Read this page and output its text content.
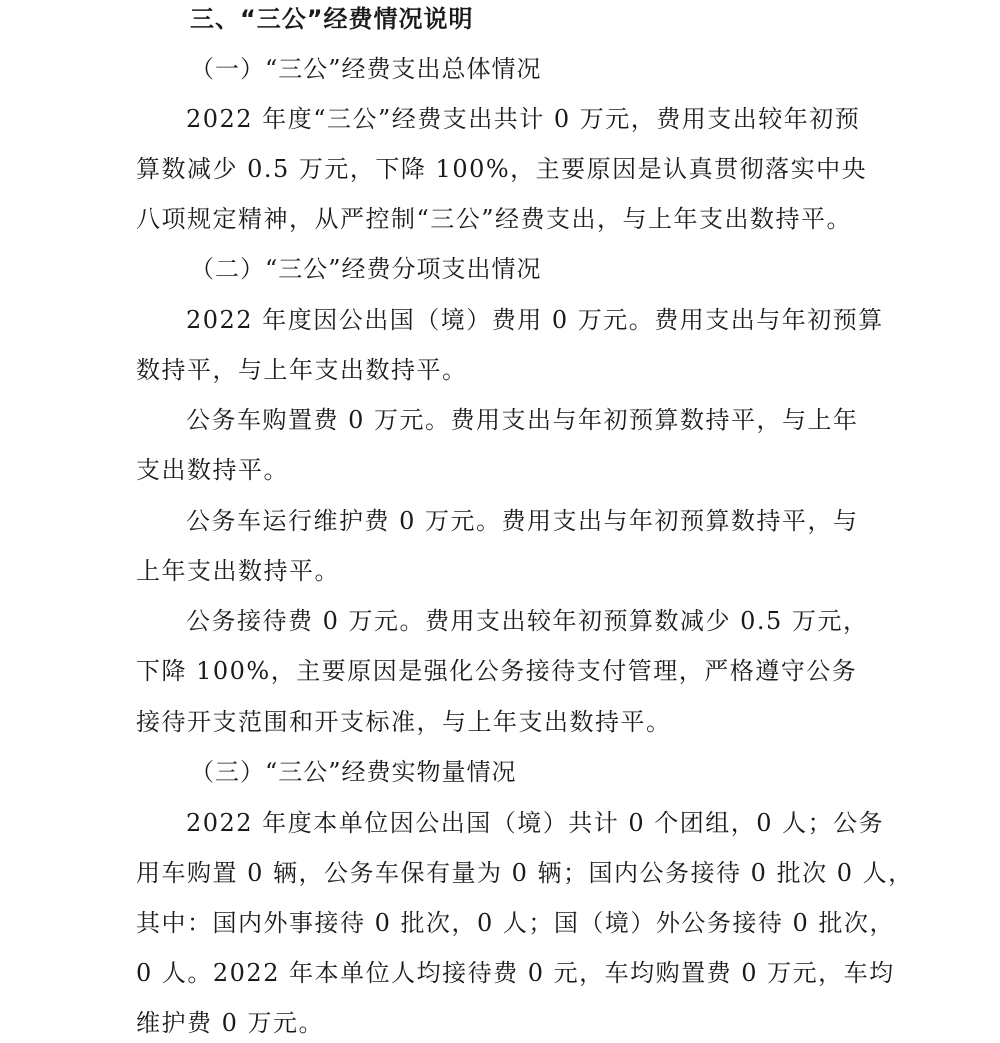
三、“三公”经费情况说明
（一）“三公”经费支出总体情况
2022 年度“三公”经费支出共计 0 万元，费用支出较年初预
算数减少 0.5 万元，下降 100%，主要原因是认真贯彻落实中央
八项规定精神，从严控制“三公”经费支出，与上年支出数持平。
（二）“三公”经费分项支出情况
2022 年度因公出国（境）费用 0 万元。费用支出与年初预算
数持平，与上年支出数持平。
公务车购置费 0 万元。费用支出与年初预算数持平，与上年
支出数持平。
公务车运行维护费 0 万元。费用支出与年初预算数持平，与
上年支出数持平。
公务接待费 0 万元。费用支出较年初预算数减少 0.5 万元，
下降 100%，主要原因是强化公务接待支付管理，严格遵守公务
接待开支范围和开支标准，与上年支出数持平。
（三）“三公”经费实物量情况
2022 年度本单位因公出国（境）共计 0 个团组，0 人；公务
用车购置 0 辆，公务车保有量为 0 辆；国内公务接待 0 批次 0 人，
其中：国内外事接待 0 批次，0 人；国（境）外公务接待 0 批次，
0 人。2022 年本单位人均接待费 0 元，车均购置费 0 万元，车均
维护费 0 万元。
